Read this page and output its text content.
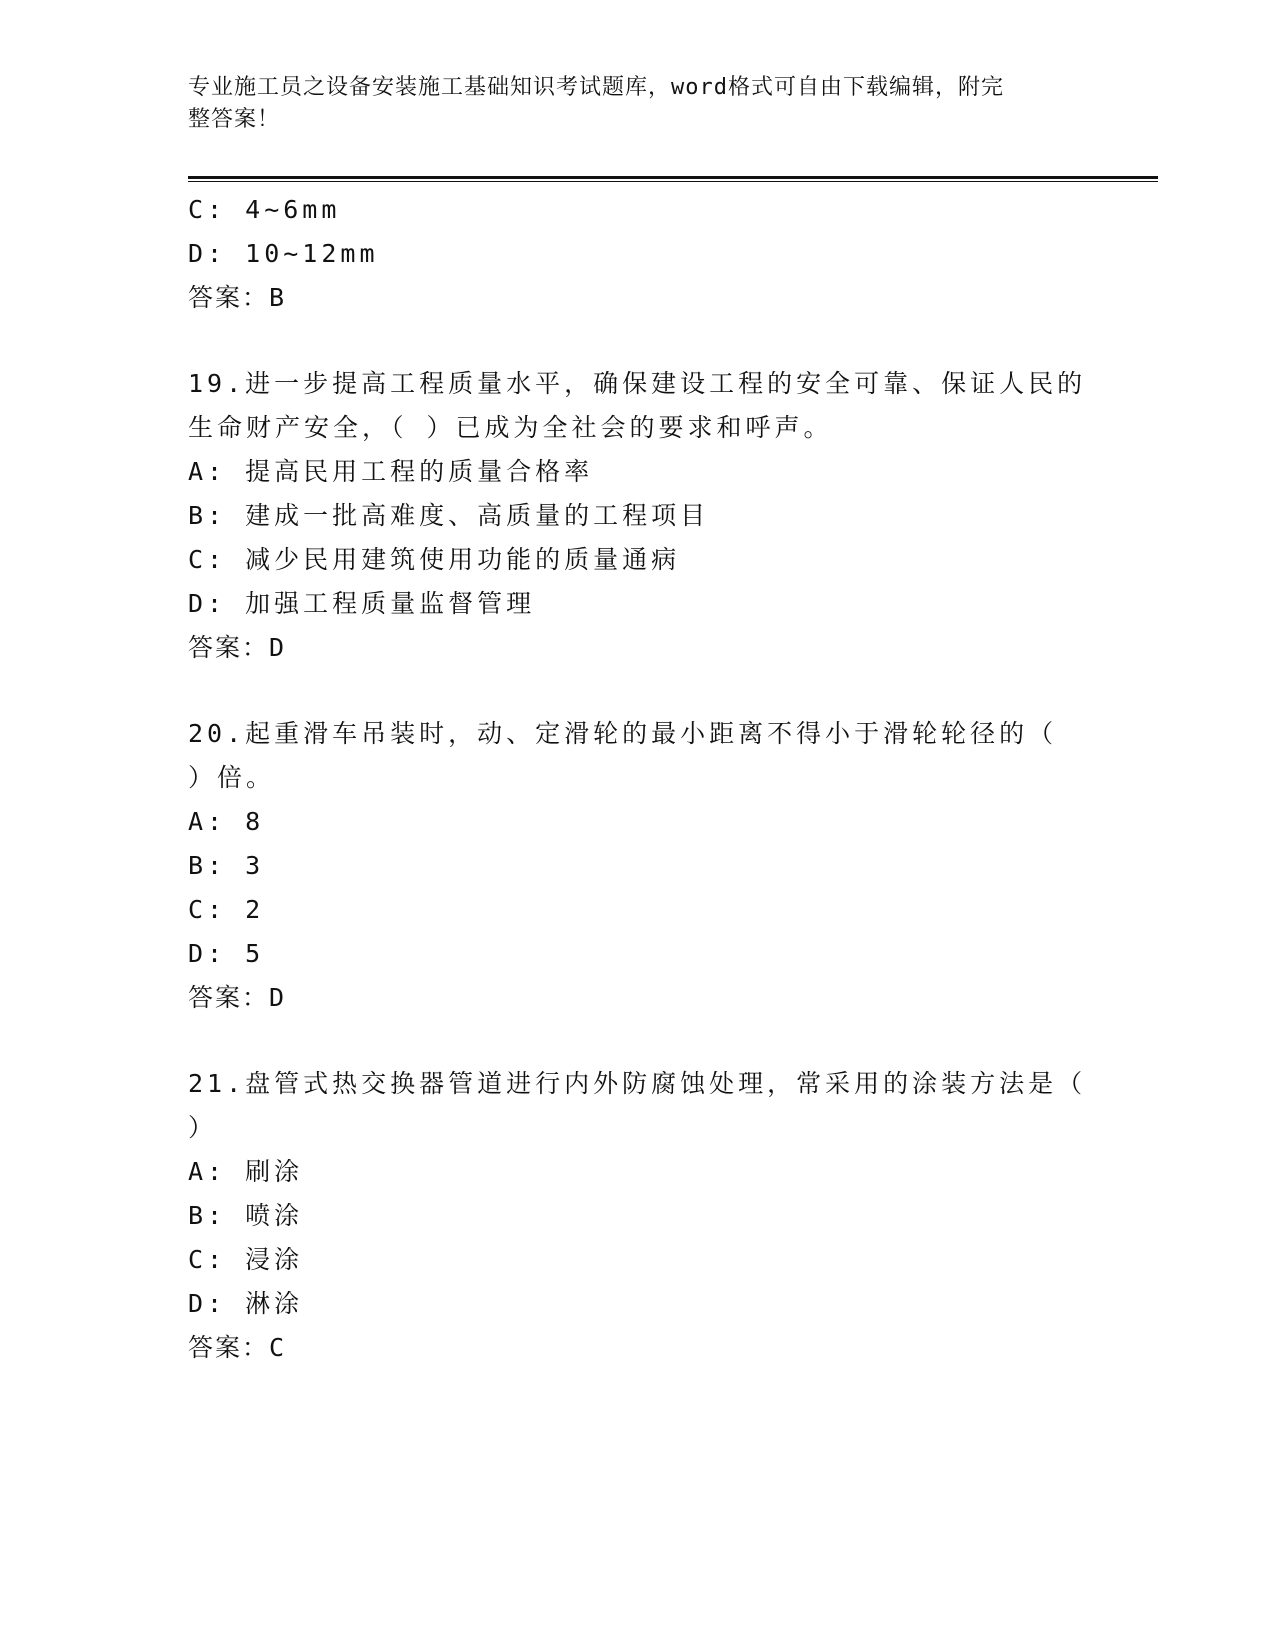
专业施工员之设备安装施工基础知识考试题库，word格式可自由下载编辑，附完
整答案！
C: 4~6mm
D: 10~12mm
答案：B
19.进一步提高工程质量水平，确保建设工程的安全可靠、保证人民的
生命财产安全，（ ）已成为全社会的要求和呼声。
A: 提高民用工程的质量合格率
B: 建成一批高难度、高质量的工程项目
C: 减少民用建筑使用功能的质量通病
D: 加强工程质量监督管理
答案：D
20.起重滑车吊装时，动、定滑轮的最小距离不得小于滑轮轮径的（
）倍。
A: 8
B: 3
C: 2
D: 5
答案：D
21.盘管式热交换器管道进行内外防腐蚀处理，常采用的涂装方法是（
）
A: 刷涂
B: 喷涂
C: 浸涂
D: 淋涂
答案：C
